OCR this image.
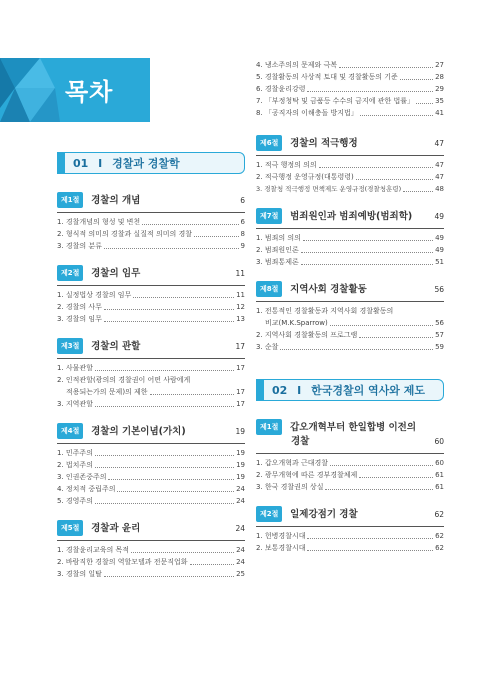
목차
01 I 경찰과 경찰학
제1절 경찰의 개념	6
1. 경찰개념의 형성 및 변천	6
2. 형식적 의미의 경찰과 실질적 의미의 경찰	8
3. 경찰의 분류	9
제2절 경찰의 임무	11
1. 실정법상 경찰의 임무	11
2. 경찰의 사무	12
3. 경찰의 임무	13
제3절 경찰의 관할	17
1. 사물관할	17
2. 인적관할(광의의 경찰권이 어떤 사람에게
적용되는가의 문제)의 제한	17
3. 지역관할	17
제4절 경찰의 기본이념(가치)	19
1. 민주주의	19
2. 법치주의	19
3. 인권존중주의	19
4. 정치적 중립주의	24
5. 경영주의	24
제5절 경찰과 윤리	24
1. 경찰윤리교육의 목적	24
2. 바람직한 경찰의 역할모델과 전문직업화	24
3. 경찰의 일탈	25
4. 냉소주의의 문제와 극복	27
5. 경찰활동의 사상적 토대 및 경찰활동의 기준	28
6. 경찰윤리강령	29
7. 「부정청탁 및 금품등 수수의 금지에 관한 법률」	35
8. 「공직자의 이해충돌 방지법」	41
제6절 경찰의 적극행정	47
1. 적극 행정의 의의	47
2. 적극행정 운영규정(대통령령)	47
3. 경찰청 적극행정 면책제도 운영규정(경찰청훈령)	48
제7절 범죄원인과 범죄예방(범죄학)	49
1. 범죄의 의의	49
2. 범죄원인론	49
3. 범죄통제론	51
제8절 지역사회 경찰활동	56
1. 전통적인 경찰활동과 지역사회 경찰활동의
비교(M.K.Sparrow)	56
2. 지역사회 경찰활동의 프로그램	57
3. 순찰	59
02 I 한국경찰의 역사와 제도
제1절 갑오개혁부터 한일합병 이전의
경찰	60
1. 갑오개혁과 근대경찰	60
2. 광무개혁에 따른 경부경찰체제	61
3. 한국 경찰권의 상실	61
제2절 일제강점기 경찰	62
1. 헌병경찰시대	62
2. 보통경찰시대	62
